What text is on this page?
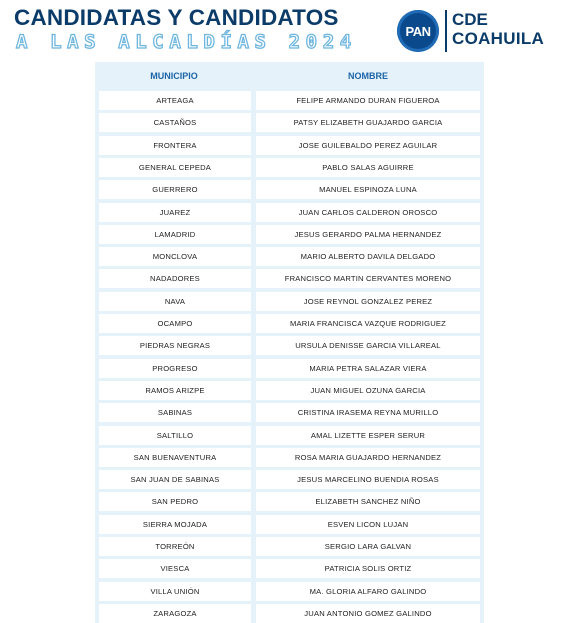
CANDIDATAS Y CANDIDATOS
A LAS ALCALDÍAS 2024	PAN
CDE
COAHUILA
MUNICIPIO	NOMBRE
ARTEAGA	FELIPE ARMANDO DURAN FIGUEROA
CASTAÑOS	PATSY ELIZABETH GUAJARDO GARCIA
FRONTERA	JOSE GUILEBALDO PEREZ AGUILAR
GENERAL CEPEDA	PABLO SALAS AGUIRRE
GUERRERO	MANUEL ESPINOZA LUNA
JUAREZ	JUAN CARLOS CALDERON OROSCO
LAMADRID	JESUS GERARDO PALMA HERNANDEZ
MONCLOVA	MARIO ALBERTO DAVILA DELGADO
NADADORES	FRANCISCO MARTIN CERVANTES MORENO
NAVA	JOSE REYNOL GONZALEZ PEREZ
OCAMPO	MARIA FRANCISCA VAZQUE RODRIGUEZ
PIEDRAS NEGRAS	URSULA DENISSE GARCIA VILLAREAL
PROGRESO	MARIA PETRA SALAZAR VIERA
RAMOS ARIZPE	JUAN MIGUEL OZUNA GARCIA
SABINAS	CRISTINA IRASEMA REYNA MURILLO
SALTILLO	AMAL LIZETTE ESPER SERUR
SAN BUENAVENTURA	ROSA MARIA GUAJARDO HERNANDEZ
SAN JUAN DE SABINAS	JESUS MARCELINO BUENDIA ROSAS
SAN PEDRO	ELIZABETH SANCHEZ NIÑO
SIERRA MOJADA	ESVEN LICON LUJAN
TORREÓN	SERGIO LARA GALVAN
VIESCA	PATRICIA SOLIS ORTIZ
VILLA UNIÓN	MA. GLORIA ALFARO GALINDO
ZARAGOZA	JUAN ANTONIO GOMEZ GALINDO
